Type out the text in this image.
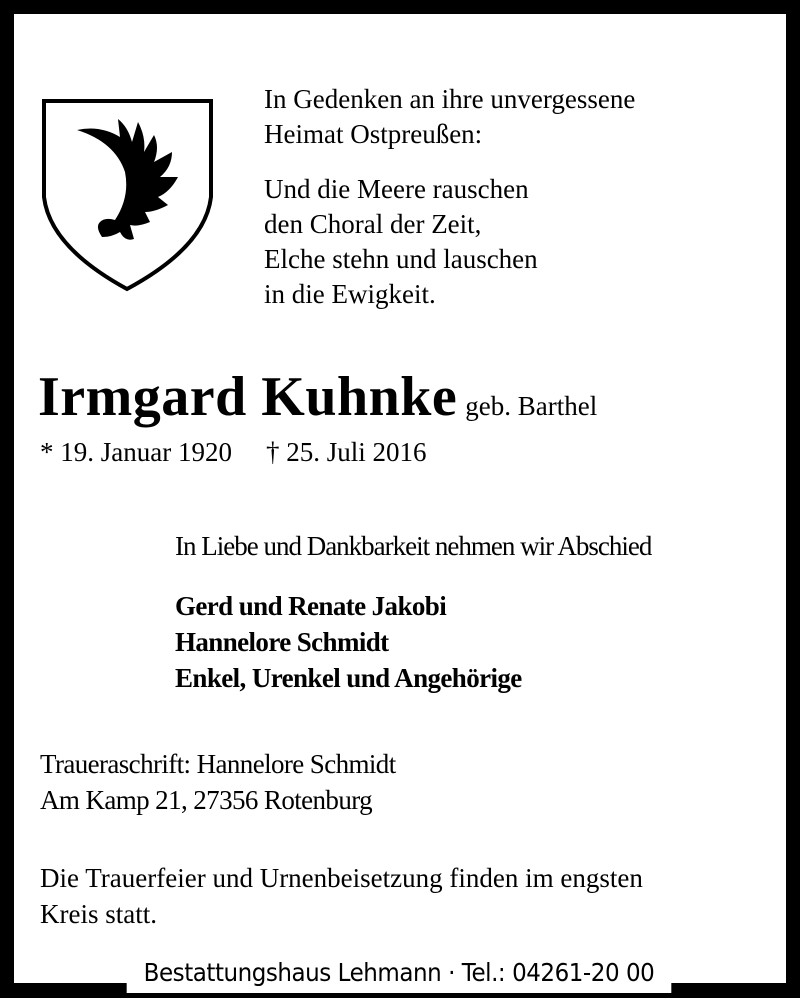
In Gedenken an ihre unvergessene
Heimat Ostpreußen:
Und die Meere rauschen
den Choral der Zeit,
Elche stehn und lauschen
in die Ewigkeit.
Irmgard Kuhnke geb. Barthel
* 19. Januar 1920 † 25. Juli 2016
In Liebe und Dankbarkeit nehmen wir Abschied
Gerd und Renate Jakobi
Hannelore Schmidt
Enkel, Urenkel und Angehörige
Traueraschrift: Hannelore Schmidt
Am Kamp 21, 27356 Rotenburg
Die Trauerfeier und Urnenbeisetzung finden im engsten
Kreis statt.
Bestattungshaus Lehmann · Tel.: 04261-20 00
